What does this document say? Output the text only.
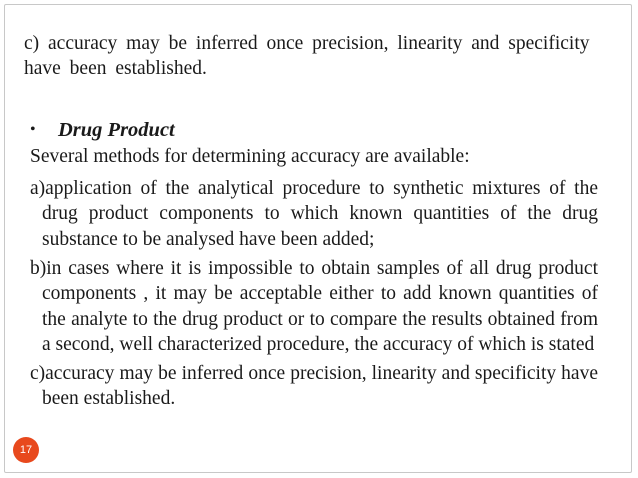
c) accuracy may be inferred once precision, linearity and specificity have been established.
• Drug Product
Several methods for determining accuracy are available:

a)application of the analytical procedure to synthetic mixtures of the drug product components to which known quantities of the drug substance to be analysed have been added;

b)in cases where it is impossible to obtain samples of all drug product components , it may be acceptable either to add known quantities of the analyte to the drug product or to compare the results obtained from a second, well characterized procedure, the accuracy of which is stated

c)accuracy may be inferred once precision, linearity and specificity have been established.

17
